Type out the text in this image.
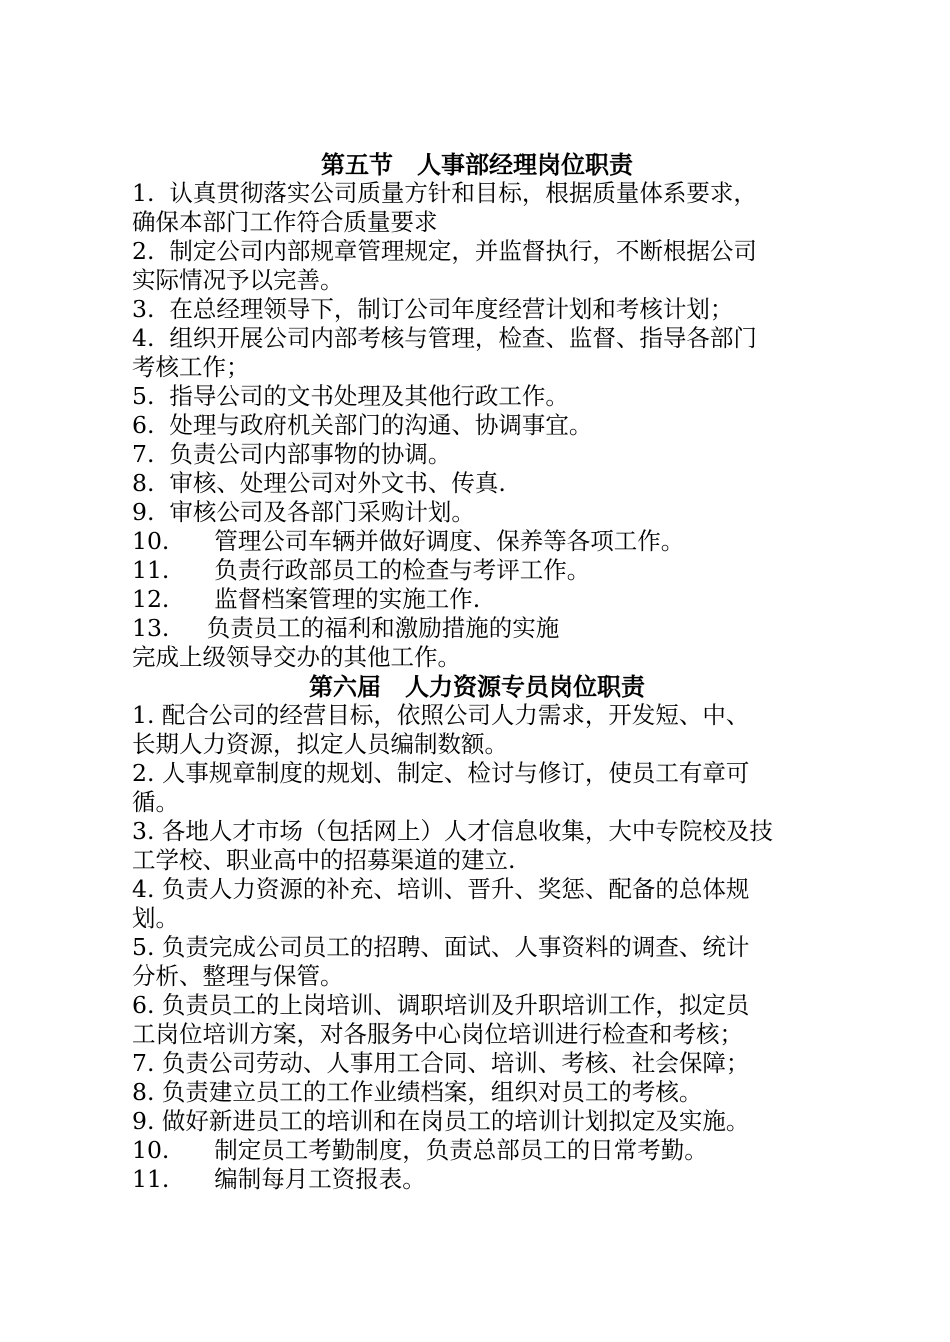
第五节　人事部经理岗位职责
1.  认真贯彻落实公司质量方针和目标，根据质量体系要求，
确保本部门工作符合质量要求
2.  制定公司内部规章管理规定，并监督执行，不断根据公司
实际情况予以完善。
3.  在总经理领导下，制订公司年度经营计划和考核计划；
4.  组织开展公司内部考核与管理，检查、监督、指导各部门
考核工作；
5.  指导公司的文书处理及其他行政工作。
6.  处理与政府机关部门的沟通、协调事宜。
7.  负责公司内部事物的协调。
8.  审核、处理公司对外文书、传真.
9.  审核公司及各部门采购计划。
10.      管理公司车辆并做好调度、保养等各项工作。
11.      负责行政部员工的检查与考评工作。
12.      监督档案管理的实施工作.
13.     负责员工的福利和激励措施的实施
完成上级领导交办的其他工作。
第六届　人力资源专员岗位职责
1. 配合公司的经营目标，依照公司人力需求，开发短、中、
长期人力资源，拟定人员编制数额。
2. 人事规章制度的规划、制定、检讨与修订，使员工有章可
循。
3. 各地人才市场（包括网上）人才信息收集，大中专院校及技
工学校、职业高中的招募渠道的建立.
4. 负责人力资源的补充、培训、晋升、奖惩、配备的总体规
划。
5. 负责完成公司员工的招聘、面试、人事资料的调查、统计
分析、整理与保管。
6. 负责员工的上岗培训、调职培训及升职培训工作，拟定员
工岗位培训方案，对各服务中心岗位培训进行检查和考核；
7. 负责公司劳动、人事用工合同、培训、考核、社会保障；
8. 负责建立员工的工作业绩档案，组织对员工的考核。
9. 做好新进员工的培训和在岗员工的培训计划拟定及实施。
10.      制定员工考勤制度，负责总部员工的日常考勤。
11.      编制每月工资报表。
